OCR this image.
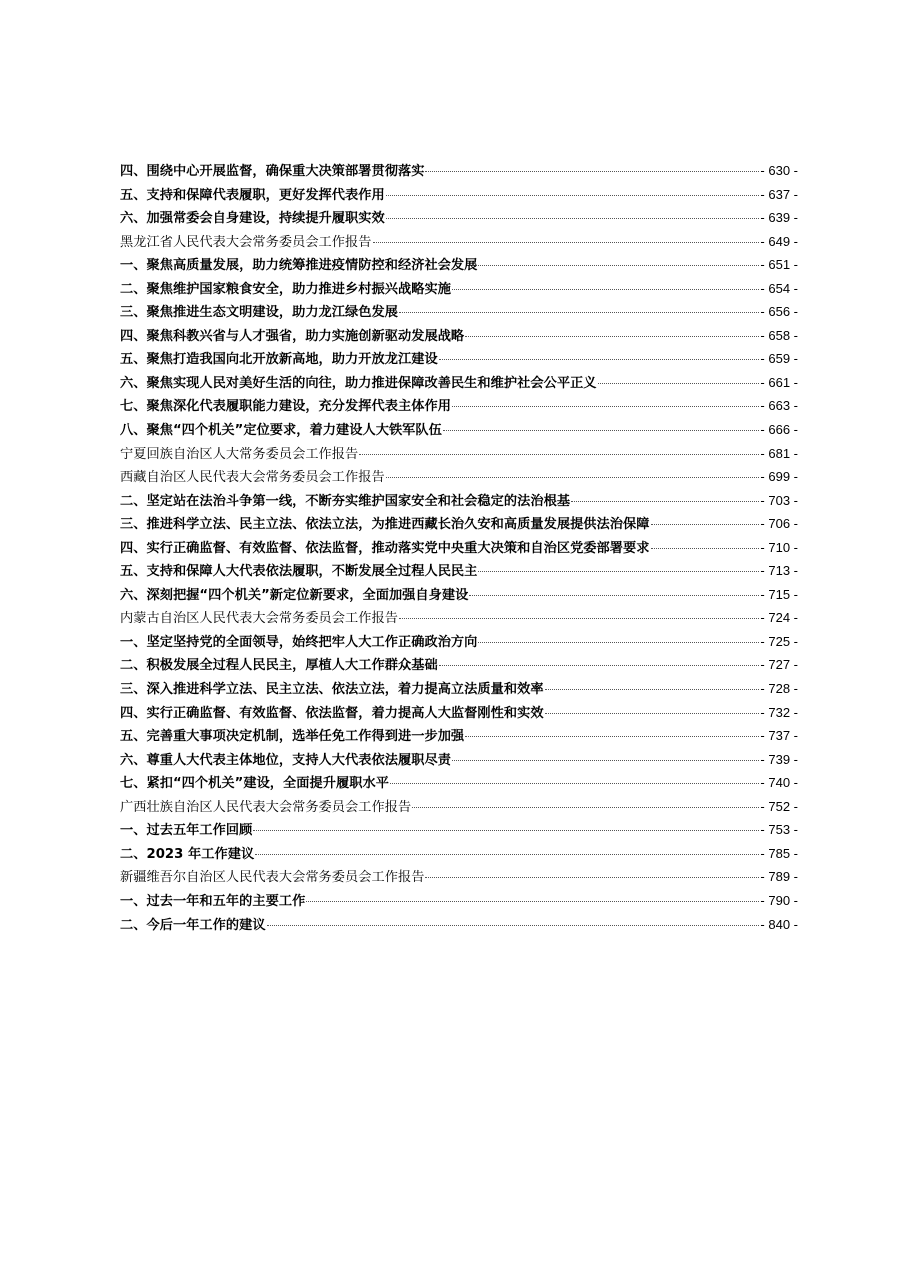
四、围绕中心开展监督，确保重大决策部署贯彻落实	- 630 -
五、支持和保障代表履职，更好发挥代表作用	- 637 -
六、加强常委会自身建设，持续提升履职实效	- 639 -
黑龙江省人民代表大会常务委员会工作报告	- 649 -
一、聚焦高质量发展，助力统筹推进疫情防控和经济社会发展	- 651 -
二、聚焦维护国家粮食安全，助力推进乡村振兴战略实施	- 654 -
三、聚焦推进生态文明建设，助力龙江绿色发展	- 656 -
四、聚焦科教兴省与人才强省，助力实施创新驱动发展战略	- 658 -
五、聚焦打造我国向北开放新高地，助力开放龙江建设	- 659 -
六、聚焦实现人民对美好生活的向往，助力推进保障改善民生和维护社会公平正义	- 661 -
七、聚焦深化代表履职能力建设，充分发挥代表主体作用	- 663 -
八、聚焦“四个机关”定位要求，着力建设人大铁军队伍	- 666 -
宁夏回族自治区人大常务委员会工作报告	- 681 -
西藏自治区人民代表大会常务委员会工作报告	- 699 -
二、坚定站在法治斗争第一线，不断夯实维护国家安全和社会稳定的法治根基	- 703 -
三、推进科学立法、民主立法、依法立法，为推进西藏长治久安和高质量发展提供法治保障	- 706 -
四、实行正确监督、有效监督、依法监督，推动落实党中央重大决策和自治区党委部署要求	- 710 -
五、支持和保障人大代表依法履职，不断发展全过程人民民主	- 713 -
六、深刻把握“四个机关”新定位新要求，全面加强自身建设	- 715 -
内蒙古自治区人民代表大会常务委员会工作报告	- 724 -
一、坚定坚持党的全面领导，始终把牢人大工作正确政治方向	- 725 -
二、积极发展全过程人民民主，厚植人大工作群众基础	- 727 -
三、深入推进科学立法、民主立法、依法立法，着力提高立法质量和效率	- 728 -
四、实行正确监督、有效监督、依法监督，着力提高人大监督刚性和实效	- 732 -
五、完善重大事项决定机制，选举任免工作得到进一步加强	- 737 -
六、尊重人大代表主体地位，支持人大代表依法履职尽责	- 739 -
七、紧扣“四个机关”建设，全面提升履职水平	- 740 -
广西壮族自治区人民代表大会常务委员会工作报告	- 752 -
一、过去五年工作回顾	- 753 -
二、2023 年工作建议	- 785 -
新疆维吾尔自治区人民代表大会常务委员会工作报告	- 789 -
一、过去一年和五年的主要工作	- 790 -
二、今后一年工作的建议	- 840 -
